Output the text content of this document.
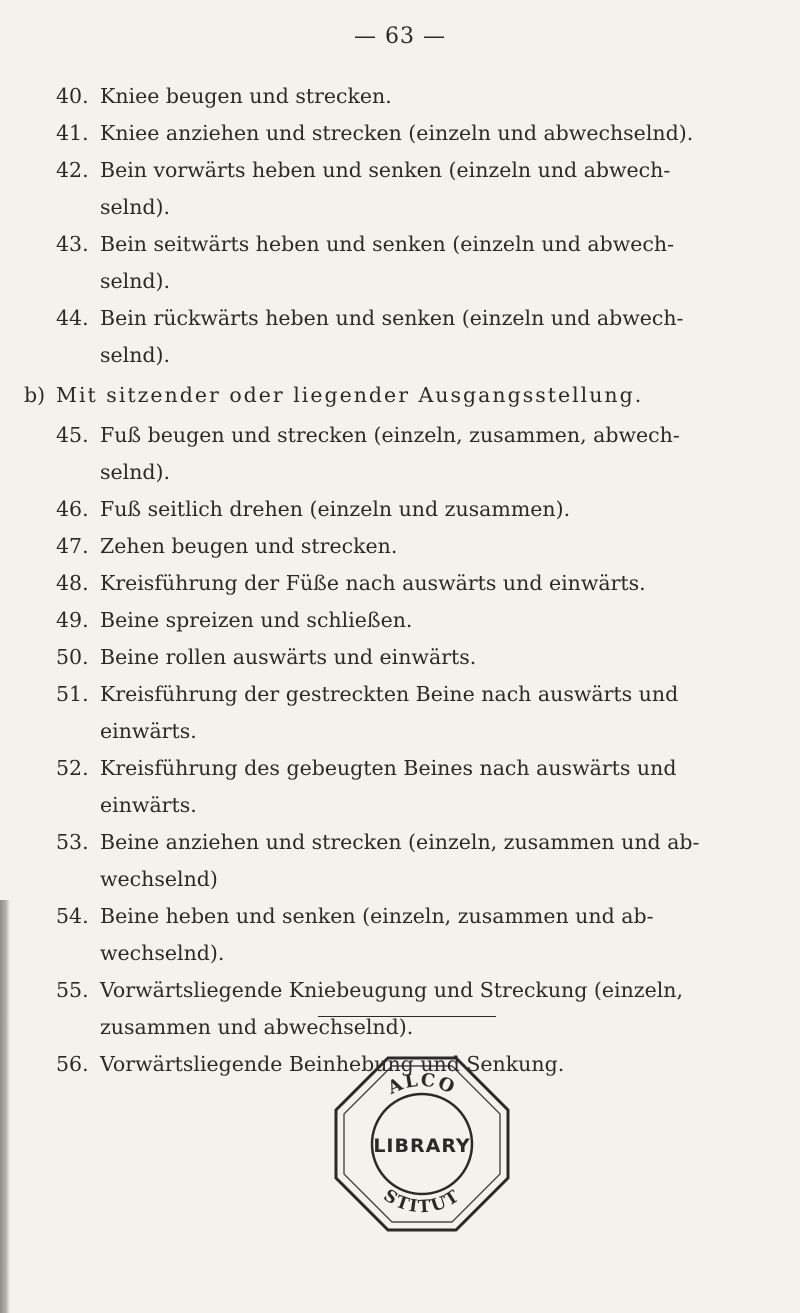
— 63 —
40. Kniee beugen und strecken.
41. Kniee anziehen und strecken (einzeln und abwechselnd).
42. Bein vorwärts heben und senken (einzeln und abwech-
selnd).
43. Bein seitwärts heben und senken (einzeln und abwech-
selnd).
44. Bein rückwärts heben und senken (einzeln und abwech-
selnd).
b) Mit sitzender oder liegender Ausgangsstellung.
45. Fuß beugen und strecken (einzeln, zusammen, abwech-
selnd).
46. Fuß seitlich drehen (einzeln und zusammen).
47. Zehen beugen und strecken.
48. Kreisführung der Füße nach auswärts und einwärts.
49. Beine spreizen und schließen.
50. Beine rollen auswärts und einwärts.
51. Kreisführung der gestreckten Beine nach auswärts und
einwärts.
52. Kreisführung des gebeugten Beines nach auswärts und
einwärts.
53. Beine anziehen und strecken (einzeln, zusammen und ab-
wechselnd)
54. Beine heben und senken (einzeln, zusammen und ab-
wechselnd).
55. Vorwärtsliegende Kniebeugung und Streckung (einzeln,
zusammen und abwechselnd).
56. Vorwärtsliegende Beinhebung und Senkung.
ALCO
LIBRARY
STITUT
